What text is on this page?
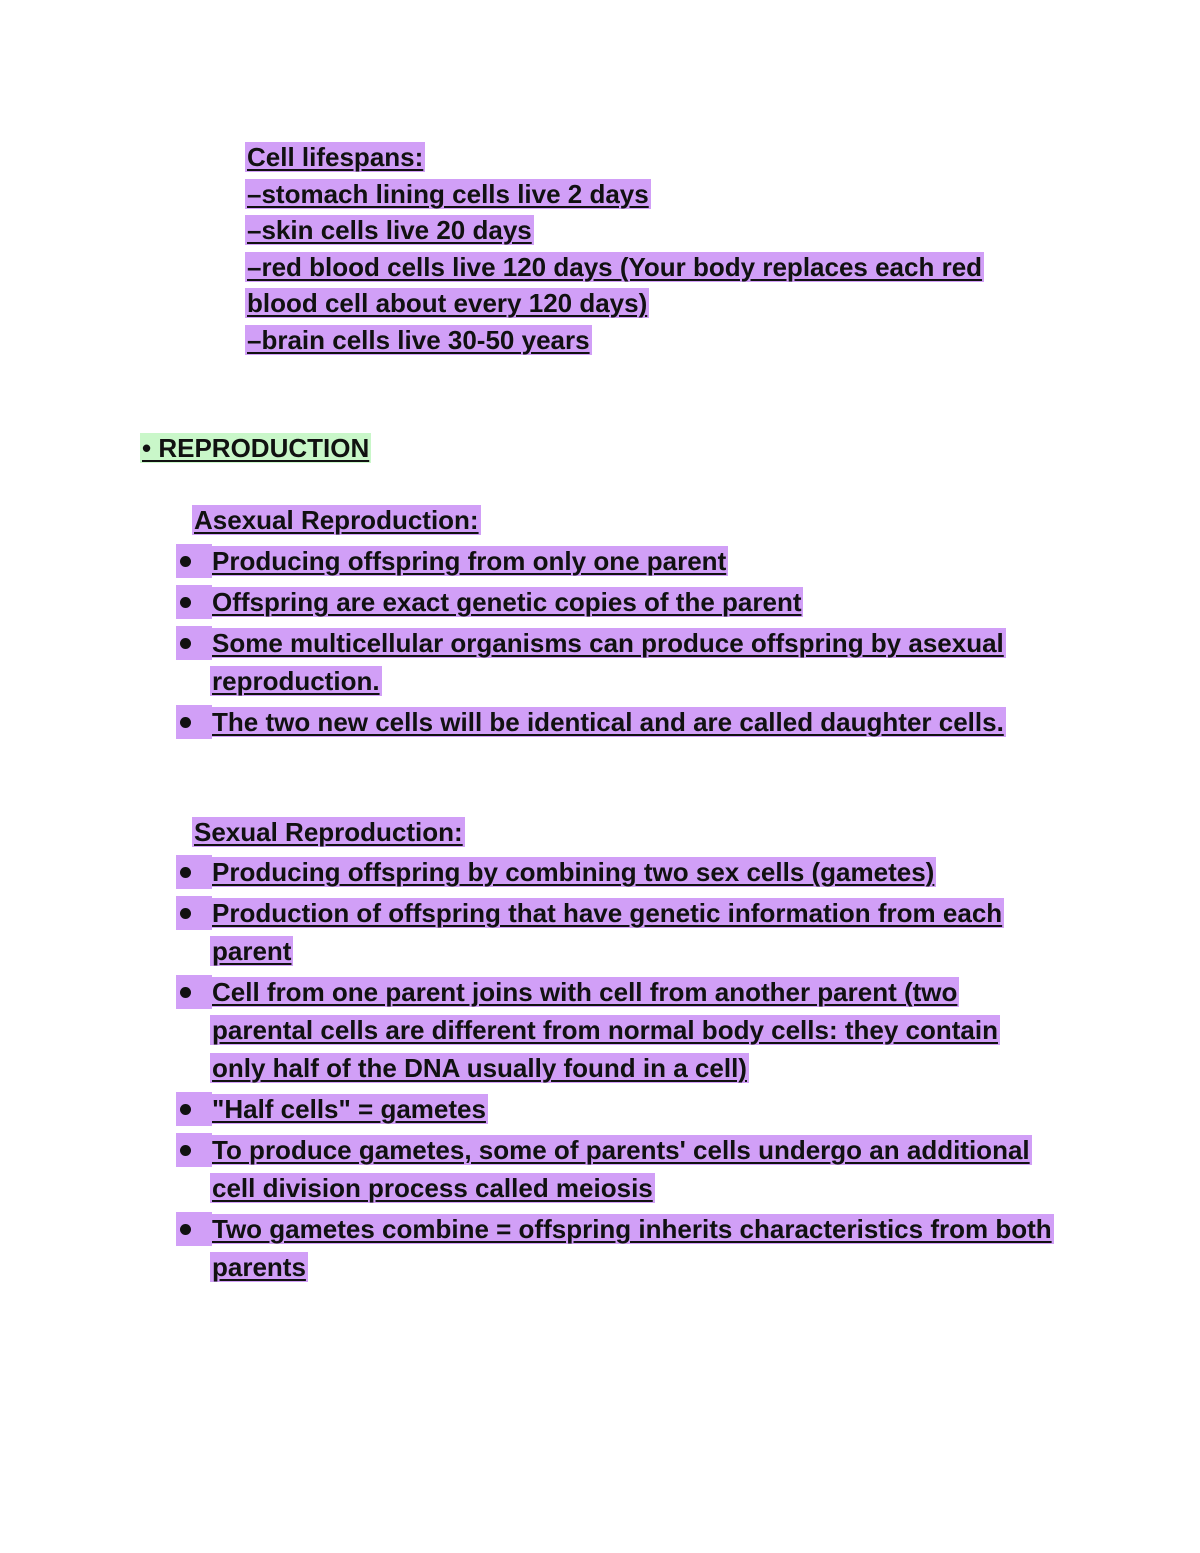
Cell lifespans:
–stomach lining cells live 2 days
–skin cells live 20 days
–red blood cells live 120 days (Your body replaces each red
blood cell about every 120 days)
–brain cells live 30-50 years
• REPRODUCTION
Asexual Reproduction:
Producing offspring from only one parent
Offspring are exact genetic copies of the parent
Some multicellular organisms can produce offspring by asexual reproduction.
The two new cells will be identical and are called daughter cells.
Sexual Reproduction:
Producing offspring by combining two sex cells (gametes)
Production of offspring that have genetic information from each parent
Cell from one parent joins with cell from another parent (two parental cells are different from normal body cells: they contain only half of the DNA usually found in a cell)
"Half cells" = gametes
To produce gametes, some of parents' cells undergo an additional cell division process called meiosis
Two gametes combine = offspring inherits characteristics from both parents
